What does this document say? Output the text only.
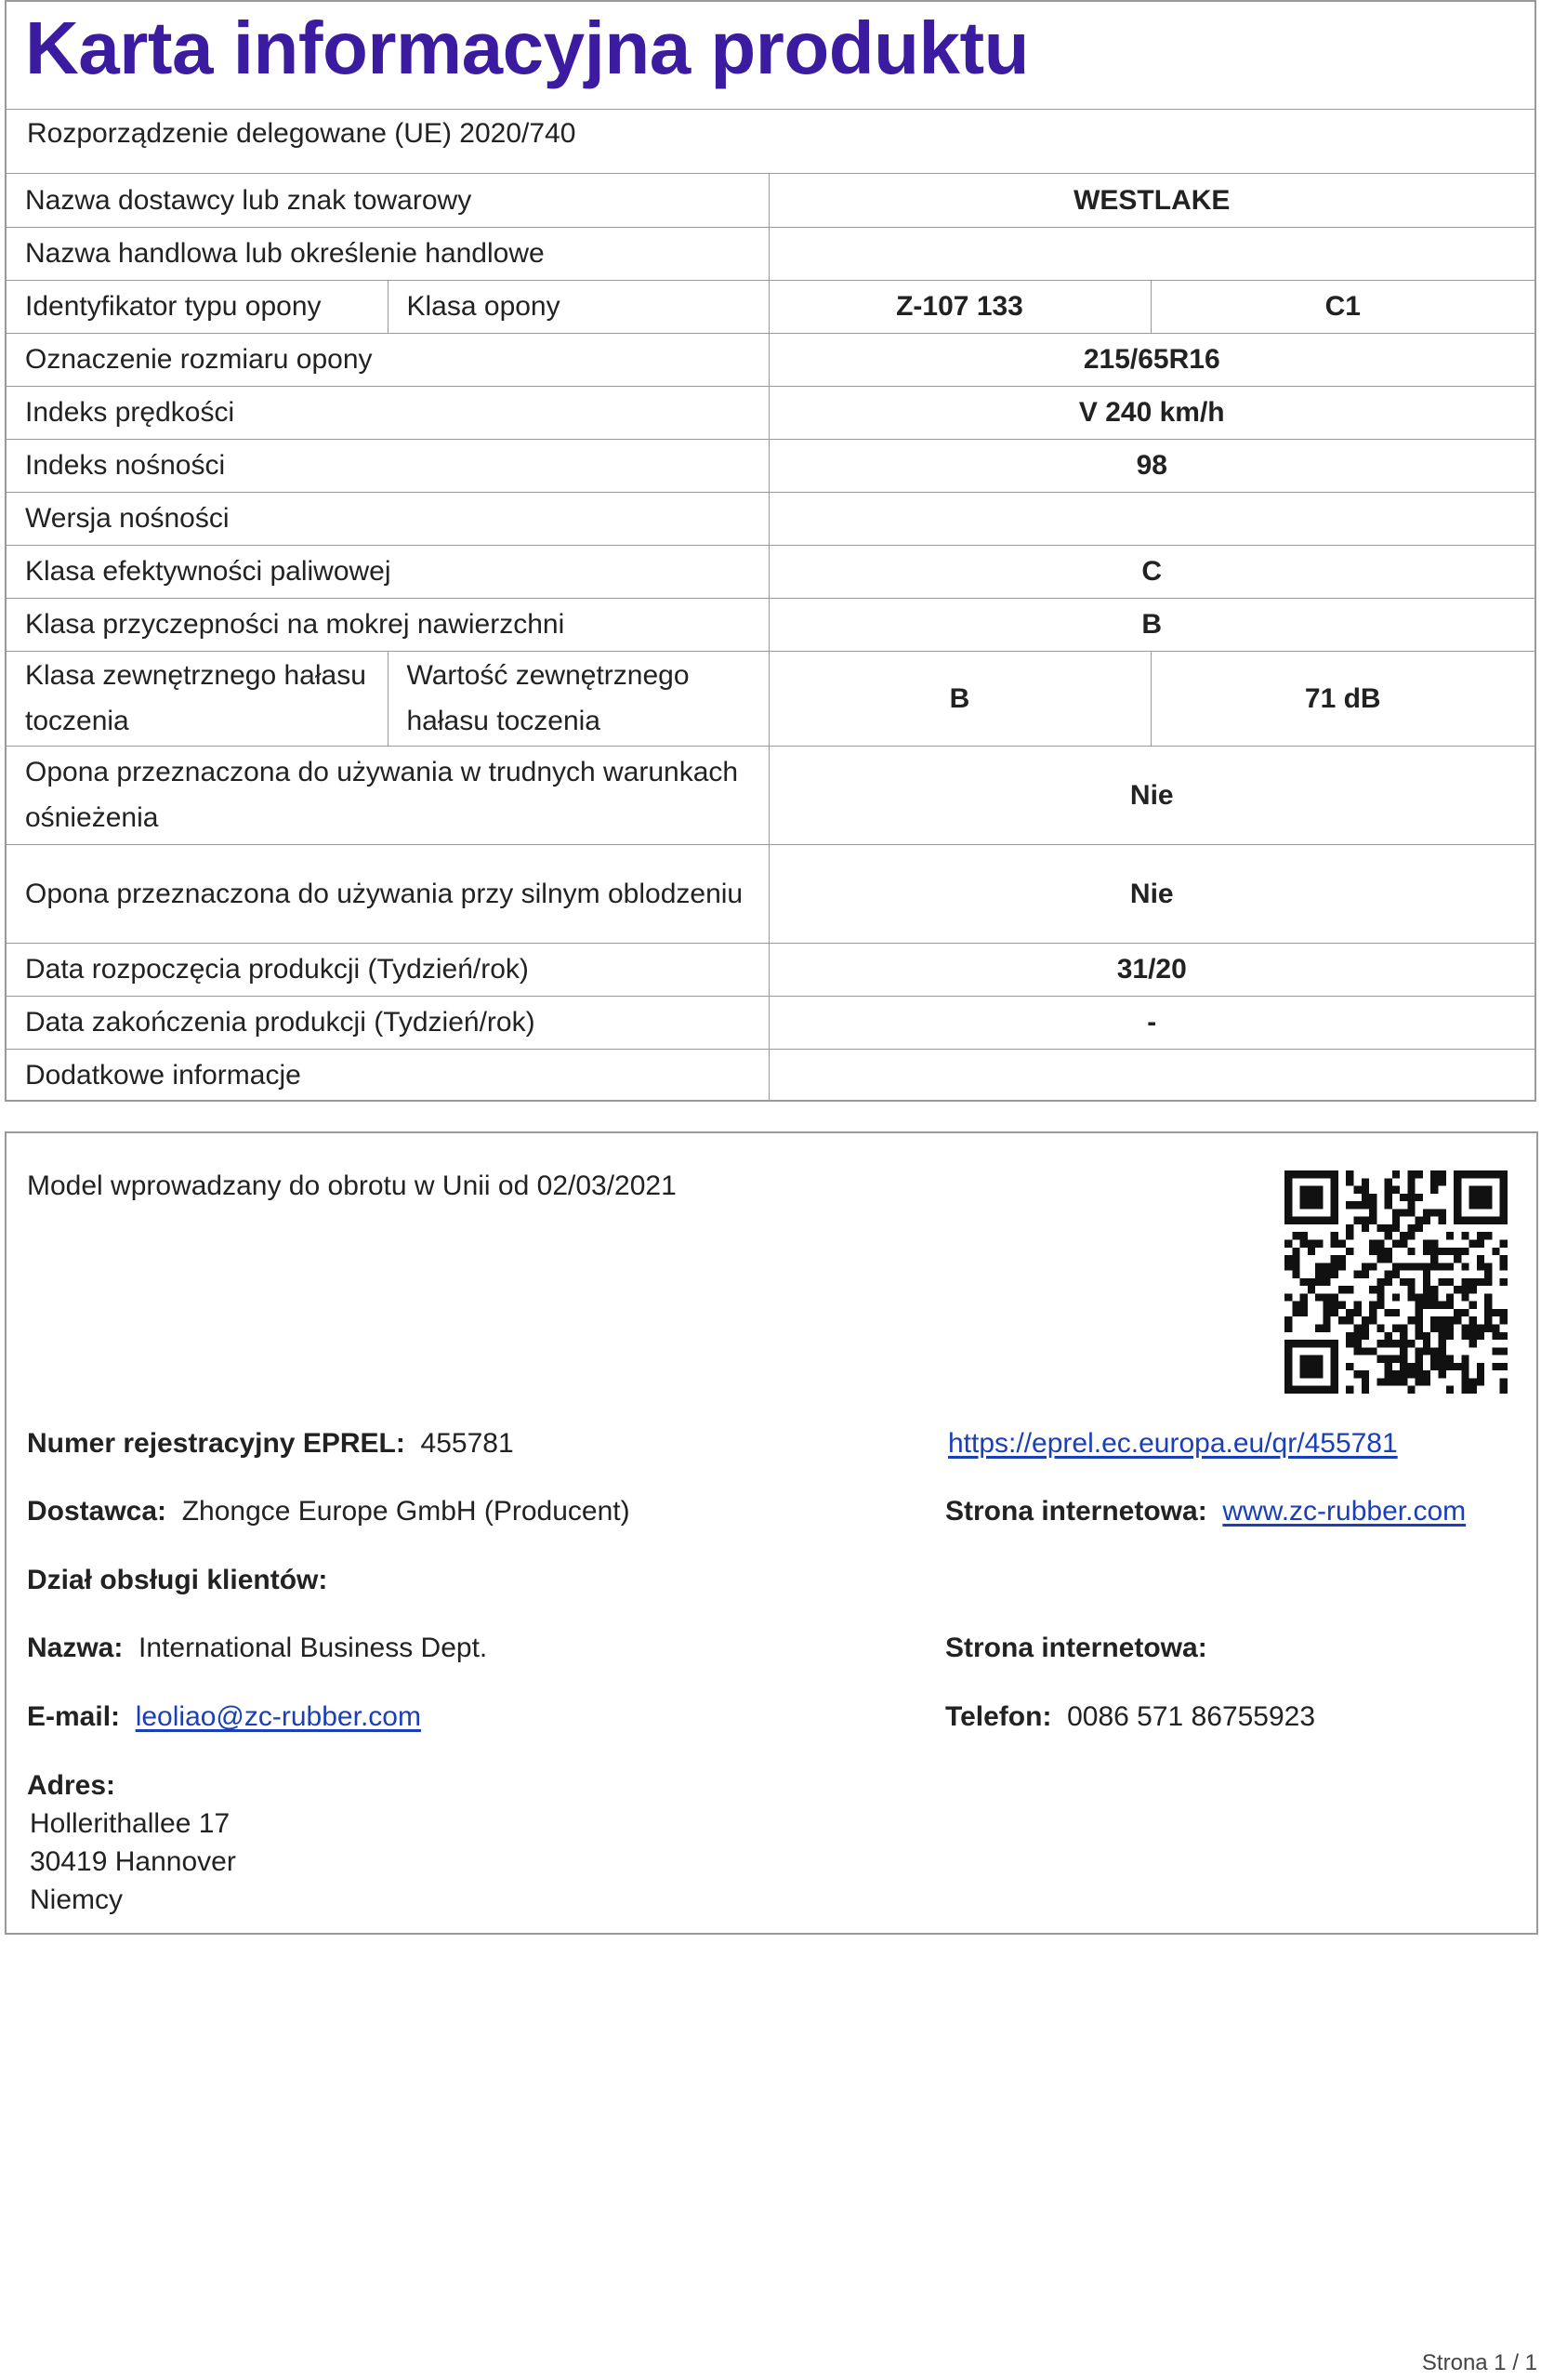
Karta informacyjna produktu
Rozporządzenie delegowane (UE) 2020/740
Nazwa dostawcy lub znak towarowy		WESTLAKE	
Nazwa handlowa lub określenie handlowe			
Identyfikator typu opony	Klasa opony	Z-107 133	C1
Oznaczenie rozmiaru opony		215/65R16	
Indeks prędkości		V 240 km/h	
Indeks nośności		98	
Wersja nośności			
Klasa efektywności paliwowej		C	
Klasa przyczepności na mokrej nawierzchni		B	
Klasa zewnętrznego hałasu toczenia	Wartość zewnętrznego hałasu toczenia	B	71 dB
Opona przeznaczona do używania w trudnych warunkach ośnieżenia		Nie	
Opona przeznaczona do używania przy silnym oblodzeniu		Nie	
Data rozpoczęcia produkcji (Tydzień/rok)		31/20	
Data zakończenia produkcji (Tydzień/rok)		-	
Dodatkowe informacje			
Model wprowadzany do obrotu w Unii od 02/03/2021
Numer rejestracyjny EPREL: 455781	https://eprel.ec.europa.eu/qr/455781
Dostawca: Zhongce Europe GmbH (Producent)	Strona internetowa: www.zc-rubber.com
Dział obsługi klientów:
Nazwa: International Business Dept.	Strona internetowa:
E-mail: leoliao@zc-rubber.com	Telefon: 0086 571 86755923
Adres:
Hollerithallee 17
30419 Hannover
Niemcy
Strona 1 / 1
